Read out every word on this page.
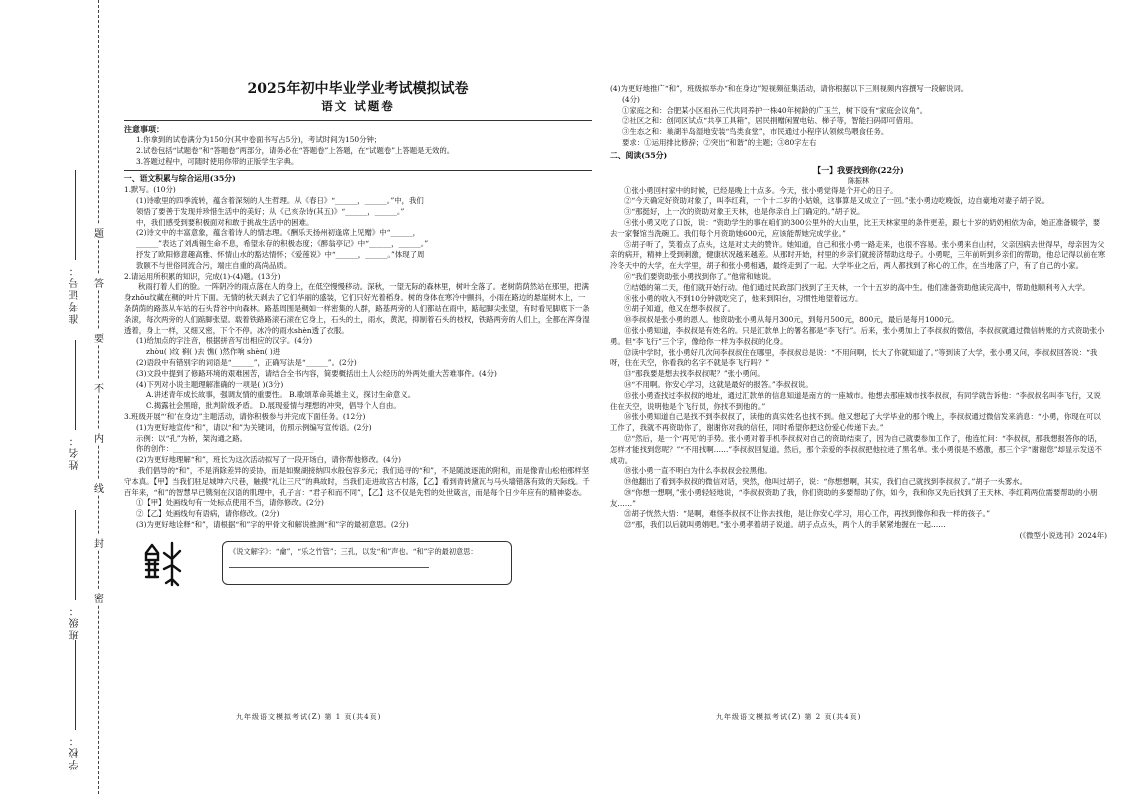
准考证号：
姓名：
班级：
学校：
题
答
要
不
内
线
封
密
2025年初中毕业学业考试模拟试卷
语文 试题卷
注意事项：

1.你拿到的试卷满分为150分(其中卷面书写占5分)，考试时间为150分钟；

2.试卷包括“试题卷”和“答题卷”两部分，请务必在“答题卷”上答题，在“试题卷”上答题是无效的。

3.答题过程中，可随时使用你带的正版学生字典。

一、语文积累与综合运用(35分)

1.默写。(10分)

(1)诗歌里的四季流转，蕴含着深刻的人生哲理。从《春日》“______，______。”中，我们

领悟了要善于发现并珍惜生活中的美好；从《己亥杂诗(其五)》“______，______。”

中，我们感受到要积极面对和敢于挑战生活中的困难。

(2)诗文中的丰富意象，蕴含着诗人的情志理。《酬乐天扬州初逢席上见赠》中“______，

______”表达了刘禹锡生命不息，希望永存的积极态度；《醉翁亭记》中“______，______。”

抒发了欧阳修意趣高雅、怀情山水的豁达情怀；《爱莲说》中“______，______。”体现了周

敦颐不与世俗同流合污，端庄自重的高尚品质。

2.请运用所积累的知识，完成(1)-(4)题。(13分)

秋雨打着人们的脸。一阵阴冷的雨点落在人的身上，在低空慢慢移动。深秋，一望无际的森林里，树叶全落了。老树荫荫然站在那里，把满身zhōu纹藏在稠的叶片下面。无情的秋天剥去了它们华丽的盛装，它们只好光着稻身。树的身体在寒冷中颤抖，小雨在路边的悬崖树木上，一条荫荫的路蒸从车站的石头背谷中向森林。路基周围是稠如一样密集的人群，路基两旁的人们都站在雨中，踮起脚尖张望，有时看见脚底下一条条滚，每次两旁的人们踮脚张望。载着铁路路滚石滚在它身上，石头的土，雨水，黄泥，抑制着石头的枝杈，铁路两旁的人们上，全都在浑身湿透着，身上一样，又细又密，下个不停。冰冷的雨水shèn透了衣服。

(1)给加点的字注音，根据拼音写出相应的汉字。(4分)

zhòu( )纹 裥( )去 憔( )然作响 shèn( )进

(2)语段中有错别字的词语是“______”，正确写法是“______”。(2分)

(3)文段中提到了修路环境的艰难困苦，请结合全书内容，简要概括出土人公经历的外两处重大苦难事件。(4分)

(4)下列对小说主题理解准确的一项是( )(3分)

A.讲述青年成长故事，强调友情的重要性。 B.歌颂革命英雄主义，探讨生命意义。

C.揭露社会黑暗，批判阶级矛盾。 D.展现爱情与理想的冲突，倡导个人自由。

3.班级开展“‘和’在身边”主题活动，请你积极参与并完成下面任务。(12分)

(1)为更好地宣传“和”，请以“和”为关键词，仿照示例编写宣传语。(2分)

示例：以“孔”为桥，架沟通之路。

你的创作：______________________________________

(2)为更好地理解“和”，班长为这次活动拟写了一段开场白，请你帮他修改。(4分)

我们倡导的“和”，不是消除差异的妥协，而是如聚湖接纳四水般包容多元；我们追寻的“和”，不是随波逐流的附和，而是像青山松柏那样坚守本真。【甲】当我们驻足城坤六尺巷，触摸“礼让三尺”的典故时，当我们走进故宫古村落，【乙】看到青砖黛瓦与马头墙错落有致的天际线。千百年来，“和”的智慧早已镌刻在汉语的肌理中，孔子言：“君子和而不同”，【乙】这不仅是先哲的处世箴言，而是每个日少年应有的精神姿态。

①【甲】处画线句有一处标点使用不当，请你修改。(2分)

②【乙】处画线句有语病，请你修改。(2分)

(3)为更好地诠释“和”，请根据“和”字的甲骨文和解说推测“和”字的最初意思。(2分)

《说文解字》：“龠”，“乐之竹管”；三孔，以发“和”声也。“和”字的最初意思：
九年级语文模拟考试(Z) 第 1 页(共4页)

(4)为更好地推广“和”，班级拟举办“和在身边”短视频征集活动，请你根据以下三则视频内容撰写一段解说词。

(4分)

①家庭之和：合肥某小区祖孙三代共同养护一株40年树龄的广玉兰，树下设有“家庭会议角”。

②社区之和：创同区试点“共享工具箱”，居民捐赠闲置电钻、梯子等，智能扫码即可借用。

③生态之和：巢湖半岛湿地安装“鸟类食堂”，市民通过小程序认领候鸟喂食任务。

要求：①运用排比修辞；②突出“和谐”的主题；③80字左右

二、阅读(55分)

【一】我要找到你(22分)
陈振林

①张小勇回村家中的时候，已经是晚上十点多。今天，张小勇觉得是个开心的日子。

②“今天确定好资助对象了，叫李红莉，一个十二岁的小姑娘，这事算是又成立了一回。”张小勇边吃晚饭，边自豪地对妻子胡子说。

③“那挺好，上一次的资助对象王天林，也是你亲自上门确定的。”胡子说。

④张小勇又吃了口饭，说：“资助学生的事在咱们的300公里外的大山里，比王天林家里的条件更差，跟七十岁的奶奶相依为命，她正准备辍学，要去一家餐馆当洗碗工。我们每个月资助她600元，应该能帮她完成学业。”

⑤胡子听了，笑着点了点头，这是对丈夫的赞许。她知道，自己和张小勇一路走来，也很不容易。张小勇来自山村，父亲因病去世得早，母亲因为父亲的病开，精神上受到刺激，健康状况越来越差。从那时开始，村里的乡亲们就接济帮助这母子。小勇呢，三年前听到乡亲们的帮助，他总记得以前在寒冷冬天中的大学，在大学里，胡子和张小勇相遇，最终走到了一起。大学毕业之后，两人都找到了称心的工作，在当地落了户，有了自己的小家。

⑥“我们要资助张小勇找到你了。”他常和她说。

⑦结婚的第二天，他们就开始行动。他们通过民政部门找到了王天林，一个十五岁的高中生。他们准备资助他读完高中，帮助他顺利考入大学。

⑧张小勇的收入不到10分钟就吃完了，他来到阳台，习惯性地望着远方。

⑨胡子知道，他又在想李叔叔了。

⑩李叔叔是张小勇的恩人。他资助张小勇从每月300元，到每月500元，800元，最后是每月1000元。

⑪张小勇知道，李叔叔是有姓名的。只是汇款单上的署名都是“李飞行”。后来，张小勇加上了李叔叔的微信，李叔叔就通过微信转账的方式资助张小勇。但“李飞行”三个字，像给你一样为李叔叔的化身。

⑫读中学时，张小勇好几次问李叔叔住在哪里，李叔叔总是说：“不用问啊，长大了你就知道了。”等到读了大学，张小勇又问，李叔叔回答说：“我呀，住在天空，你看我的名字不就是李飞行吗？”

⑬“那我要是想去找李叔叔呢？”张小勇问。

⑭“不用啊。你安心学习，这就是最好的报答。”李叔叔说。

⑮张小勇查找过李叔叔的地址，通过汇款单的信息知道是南方的一座城市。他想去那座城市找李叔叔，有同学就告诉他：“李叔叔名叫李飞行，又说住在天空，说明他是个飞行员，你找不到他的。”

⑯张小勇知道自己是找不到李叔叔了，读他的真实姓名也找不到。他又想起了大学毕业的那个晚上，李叔叔通过微信发来消息：“小勇，你现在可以工作了，我就不再资助你了，谢谢你对我的信任，同时希望你把这份爱心传递下去。”

⑰“然后，是一个‘再见’的手势。张小勇对着手机李叔叔对自己的资助结束了，因为自己就要参加工作了，他连忙问：“李叔叔，那我想报答你的话，怎样才能找到您呢？”“不用找啊……”李叔叔回复道。然后，那个亲爱的李叔叔把他拉进了黑名单。张小勇很是不感激，那三个字“谢谢您”却显示发送不成功。

⑱张小勇一直不明白为什么李叔叔会拉黑他。

⑲他翻出了看到李叔叔的微信对话，突然，他叫过胡子，说：“你想想啊，其实，我们自己就找到李叔叔了。”胡子一头雾水。

⑳“你想一想啊，”张小勇轻轻地说，“李叔叔资助了我，你们资助的多要帮助了你，如今，我和你又先后找到了王天林、李红莉两位需要帮助的小朋友……”

㉑胡子恍然大悟：“是啊，难怪李叔叔不让你去找他，是让你安心学习，用心工作，再找到像你和我一样的孩子。”

㉒“那，我们以后就叫勇娟吧。”张小勇孝着胡子说道。胡子点点头，两个人的手紧紧地握在一起……

(《微型小说选刊》2024年)

九年级语文模拟考试(Z) 第 2 页(共4页)
